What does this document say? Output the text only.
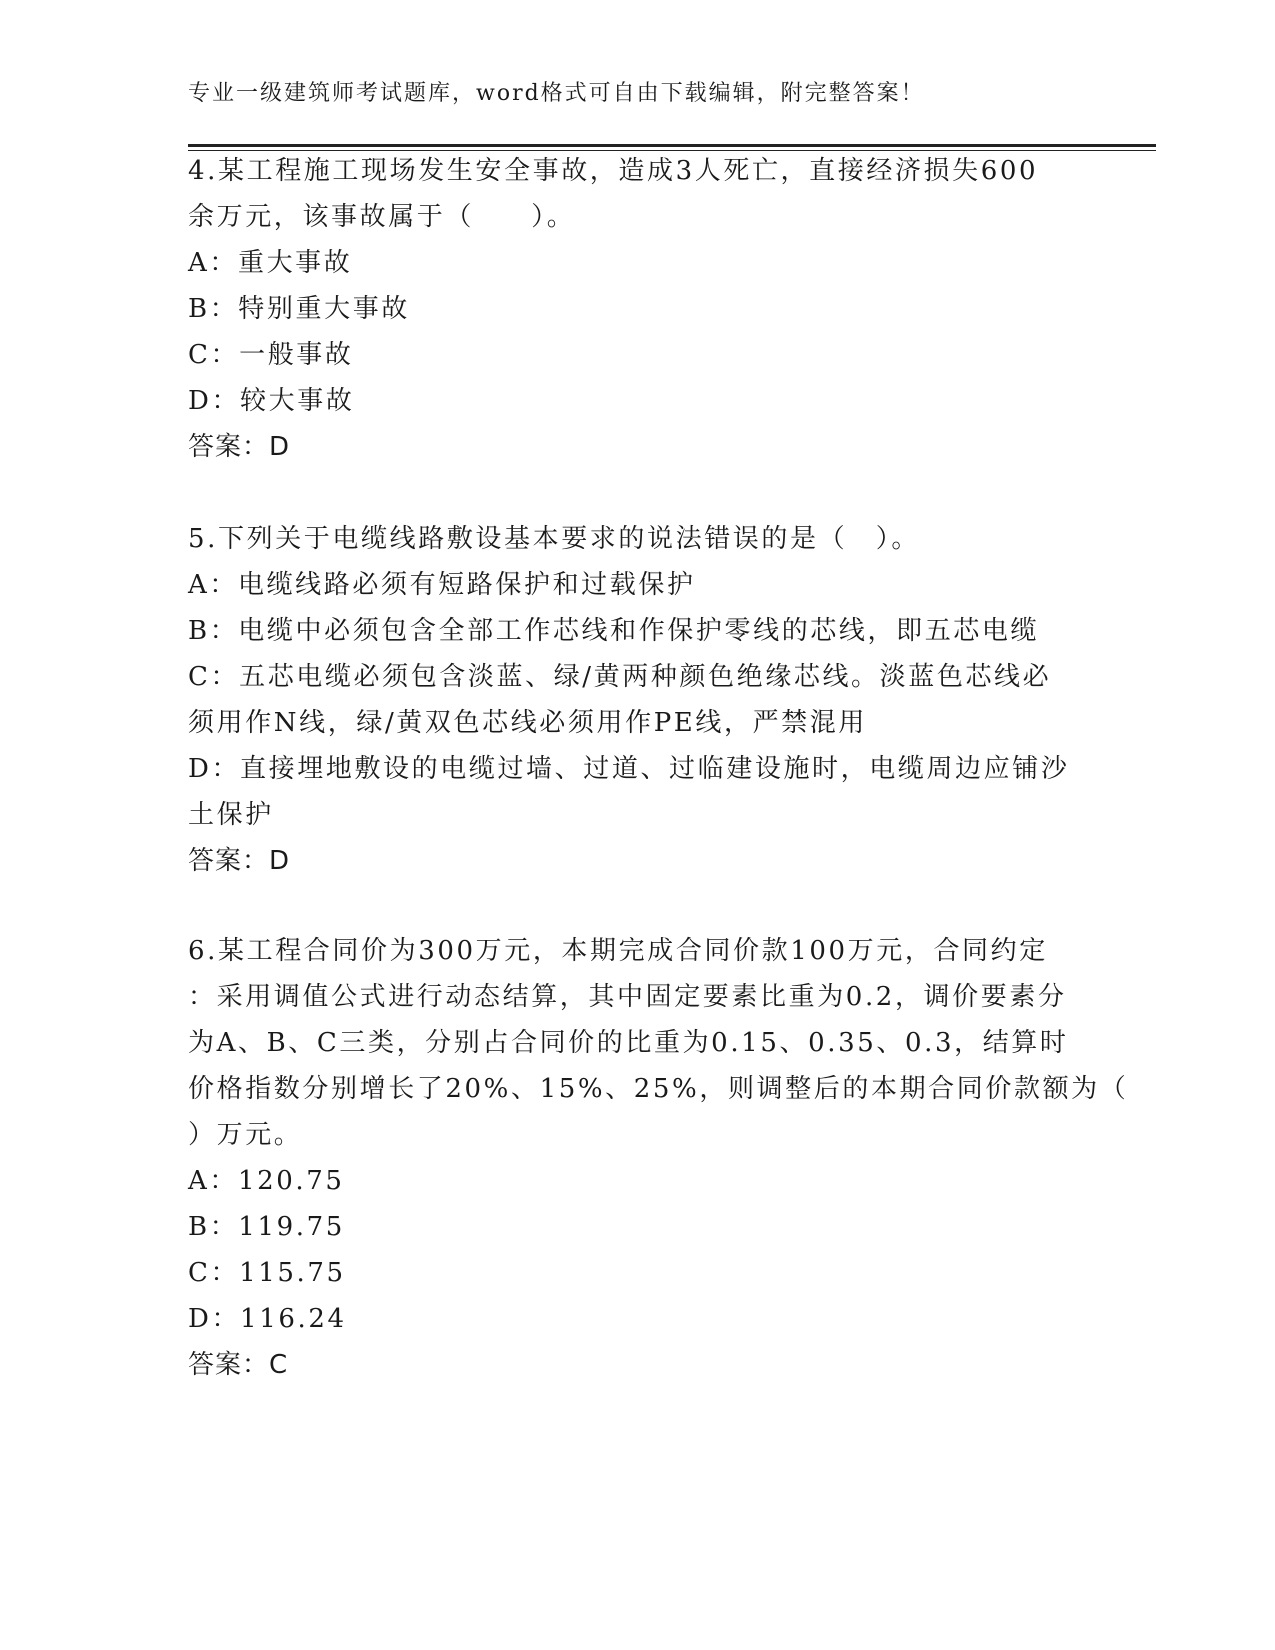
专业一级建筑师考试题库，word格式可自由下载编辑，附完整答案！
4.某工程施工现场发生安全事故，造成3人死亡，直接经济损失600
余万元，该事故属于（　　）。
A：重大事故
B：特别重大事故
C：一般事故
D：较大事故
答案：D
5.下列关于电缆线路敷设基本要求的说法错误的是（　）。
A：电缆线路必须有短路保护和过载保护
B：电缆中必须包含全部工作芯线和作保护零线的芯线，即五芯电缆
C：五芯电缆必须包含淡蓝、绿/黄两种颜色绝缘芯线。淡蓝色芯线必
须用作N线，绿/黄双色芯线必须用作PE线，严禁混用
D：直接埋地敷设的电缆过墙、过道、过临建设施时，电缆周边应铺沙
土保护
答案：D
6.某工程合同价为300万元，本期完成合同价款100万元，合同约定
：采用调值公式进行动态结算，其中固定要素比重为0.2，调价要素分
为A、B、C三类，分别占合同价的比重为0.15、0.35、0.3，结算时
价格指数分别增长了20%、15%、25%，则调整后的本期合同价款额为（
）万元。
A：120.75
B：119.75
C：115.75
D：116.24
答案：C
